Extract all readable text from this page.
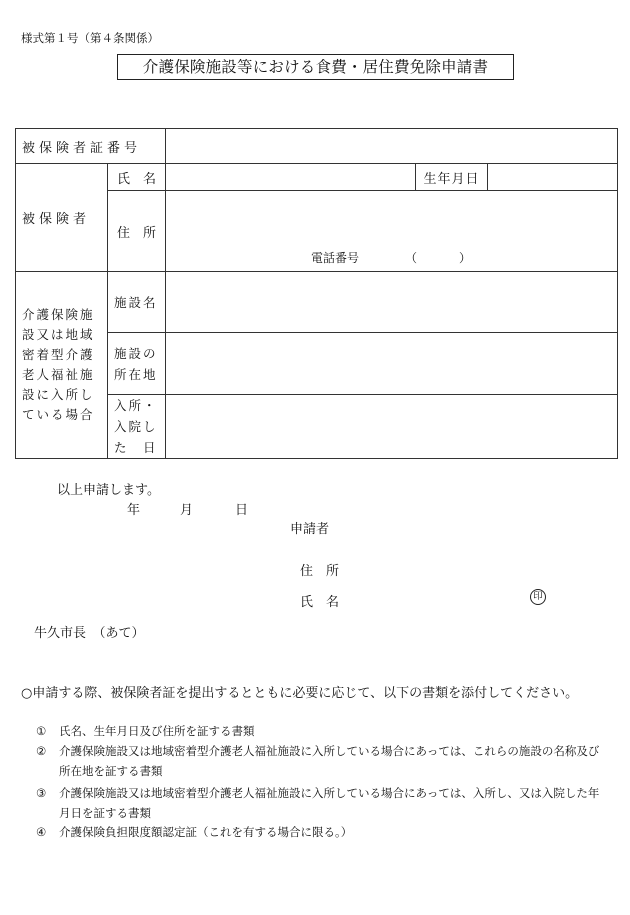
様式第１号（第４条関係）
介護保険施設等における食費・居住費免除申請書
被保険者証番号				
被保険者	氏　名		生年月日	
	住　所	電話番号 （ ）		

介護保険施設又は地域密着型介護老人福祉施設に入所している場合	施設名			
	施設の所在地			
	入所・入院した　日			
以上申請します。
年	月	日
申請者
住　所
氏　名	印
牛久市長　（あて）
○申請する際、被保険者証を提出するとともに必要に応じて、以下の書類を添付してください。
① 氏名、生年月日及び住所を証する書類
② 介護保険施設又は地域密着型介護老人福祉施設に入所している場合にあっては、これらの施設の名称及び
所在地を証する書類
③ 介護保険施設又は地域密着型介護老人福祉施設に入所している場合にあっては、入所し、又は入院した年
月日を証する書類
④ 介護保険負担限度額認定証（これを有する場合に限る。）
